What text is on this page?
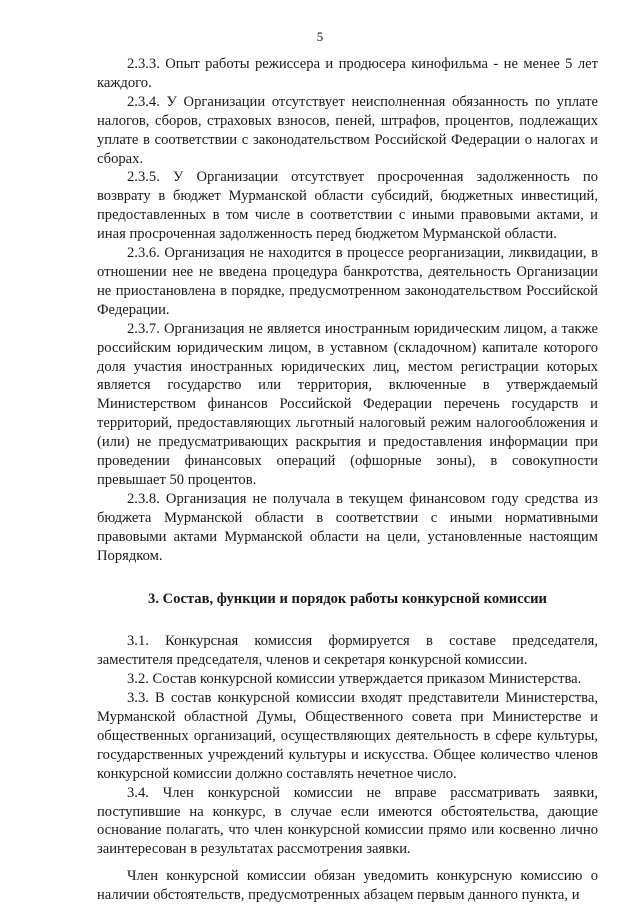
5

2.3.3. Опыт работы режиссера и продюсера кинофильма - не менее 5 лет каждого.

2.3.4. У Организации отсутствует неисполненная обязанность по уплате налогов, сборов, страховых взносов, пеней, штрафов, процентов, подлежащих уплате в соответствии с законодательством Российской Федерации о налогах и сборах.

2.3.5. У Организации отсутствует просроченная задолженность по возврату в бюджет Мурманской области субсидий, бюджетных инвестиций, предоставленных в том числе в соответствии с иными правовыми актами, и иная просроченная задолженность перед бюджетом Мурманской области.

2.3.6. Организация не находится в процессе реорганизации, ликвидации, в отношении нее не введена процедура банкротства, деятельность Организации не приостановлена в порядке, предусмотренном законодательством Российской Федерации.

2.3.7. Организация не является иностранным юридическим лицом, а также российским юридическим лицом, в уставном (складочном) капитале которого доля участия иностранных юридических лиц, местом регистрации которых является государство или территория, включенные в утверждаемый Министерством финансов Российской Федерации перечень государств и территорий, предоставляющих льготный налоговый режим налогообложения и (или) не предусматривающих раскрытия и предоставления информации при проведении финансовых операций (офшорные зоны), в совокупности превышает 50 процентов.

2.3.8. Организация не получала в текущем финансовом году средства из бюджета Мурманской области в соответствии с иными нормативными правовыми актами Мурманской области на цели, установленные настоящим Порядком.

3. Состав, функции и порядок работы конкурсной комиссии

3.1. Конкурсная комиссия формируется в составе председателя, заместителя председателя, членов и секретаря конкурсной комиссии.

3.2. Состав конкурсной комиссии утверждается приказом Министерства.

3.3. В состав конкурсной комиссии входят представители Министерства, Мурманской областной Думы, Общественного совета при Министерстве и общественных организаций, осуществляющих деятельность в сфере культуры, государственных учреждений культуры и искусства. Общее количество членов конкурсной комиссии должно составлять нечетное число.

3.4. Член конкурсной комиссии не вправе рассматривать заявки, поступившие на конкурс, в случае если имеются обстоятельства, дающие основание полагать, что член конкурсной комиссии прямо или косвенно лично заинтересован в результатах рассмотрения заявки.

Член конкурсной комиссии обязан уведомить конкурсную комиссию о наличии обстоятельств, предусмотренных абзацем первым данного пункта, и
